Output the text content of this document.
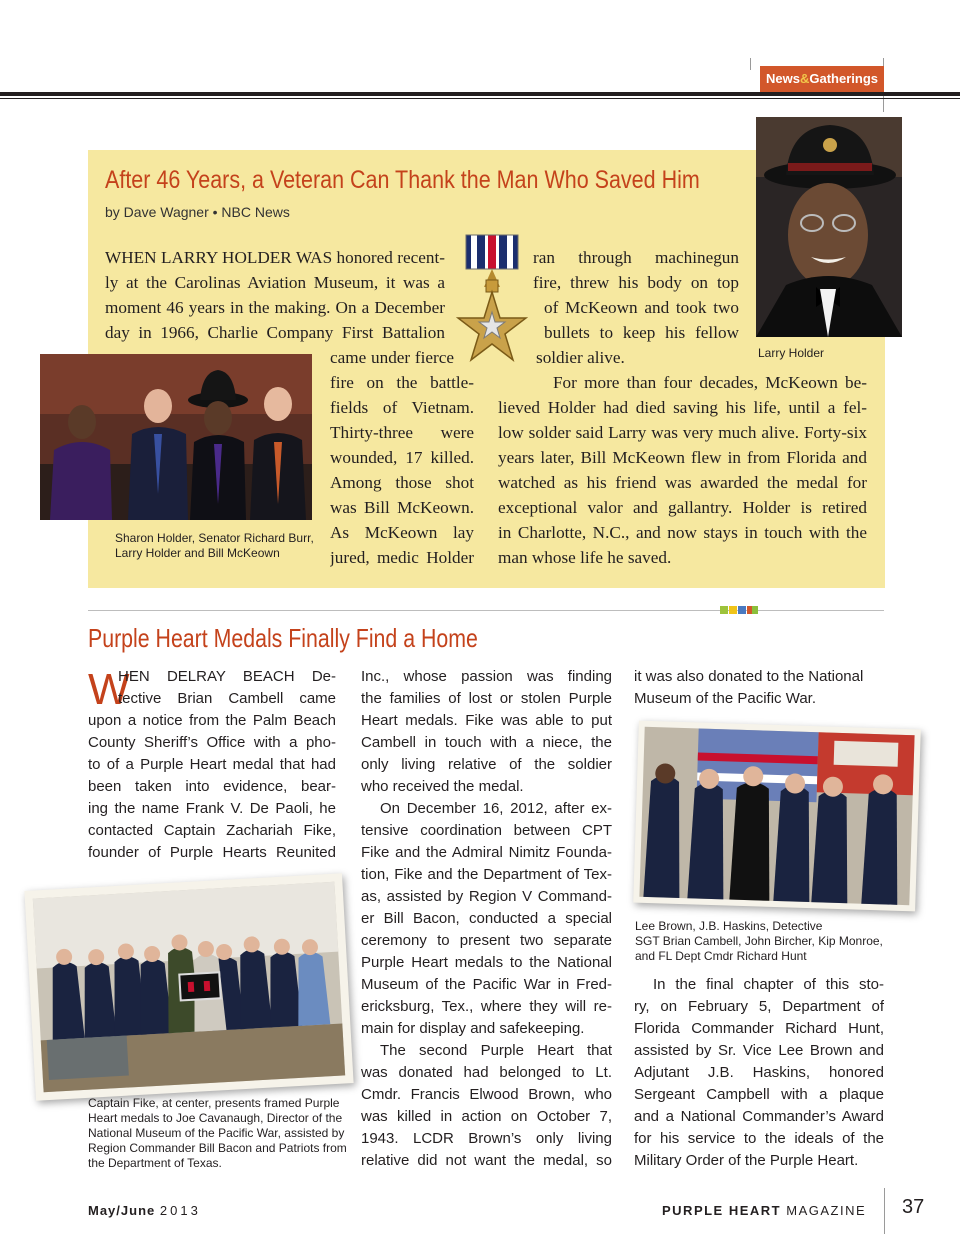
News&Gatherings
After 46 Years, a Veteran Can Thank the Man Who Saved Him
by Dave Wagner • NBC News
WHEN LARRY HOLDER WAS honored recent-
ly at the Carolinas Aviation Museum, it was a
moment 46 years in the making. On a December
day in 1966, Charlie Company First Battalion
came under fierce
fire on the battle-
fields of Vietnam.
Thirty-three were
wounded, 17 killed.
Among those shot
was Bill McKeown.
As McKeown lay
jured, medic Holder
ran through machinegun
fire, threw his body on top
of McKeown and took two
bullets to keep his fellow
soldier alive.
For more than four decades, McKeown be-
lieved Holder had died saving his life, until a fel-
low solder said Larry was very much alive. Forty-six
years later, Bill McKeown flew in from Florida and
watched as his friend was awarded the medal for
exceptional valor and gallantry. Holder is retired
in Charlotte, N.C., and now stays in touch with the
man whose life he saved.
Larry Holder
Sharon Holder, Senator Richard Burr,
Larry Holder and Bill McKeown
Purple Heart Medals Finally Find a Home
W
HEN DELRAY BEACH De-
tective Brian Cambell came
upon a notice from the Palm Beach
County Sheriff’s Office with a pho-
to of a Purple Heart medal that had
been taken into evidence, bear-
ing the name Frank V. De Paoli, he
contacted Captain Zachariah Fike,
founder of Purple Hearts Reunited
Captain Fike, at center, presents framed Purple
Heart medals to Joe Cavanaugh, Director of the
National Museum of the Pacific War, assisted by
Region Commander Bill Bacon and Patriots from
the Department of Texas.
Inc., whose passion was finding
the families of lost or stolen Purple
Heart medals. Fike was able to put
Cambell in touch with a niece, the
only living relative of the soldier
who received the medal.
On December 16, 2012, after ex-
tensive coordination between CPT
Fike and the Admiral Nimitz Founda-
tion, Fike and the Department of Tex-
as, assisted by Region V Command-
er Bill Bacon, conducted a special
ceremony to present two separate
Purple Heart medals to the National
Museum of the Pacific War in Fred-
ericksburg, Tex., where they will re-
main for display and safekeeping.
The second Purple Heart that
was donated had belonged to Lt.
Cmdr. Francis Elwood Brown, who
was killed in action on October 7,
1943. LCDR Brown’s only living
relative did not want the medal, so
it was also donated to the National
Museum of the Pacific War.
Lee Brown, J.B. Haskins, Detective
SGT Brian Cambell, John Bircher, Kip Monroe,
and FL Dept Cmdr Richard Hunt
In the final chapter of this sto-
ry, on February 5, Department of
Florida Commander Richard Hunt,
assisted by Sr. Vice Lee Brown and
Adjutant J.B. Haskins, honored
Sergeant Campbell with a plaque
and a National Commander’s Award
for his service to the ideals of the
Military Order of the Purple Heart.
May/June 2013	PURPLE HEART MAGAZINE 37
